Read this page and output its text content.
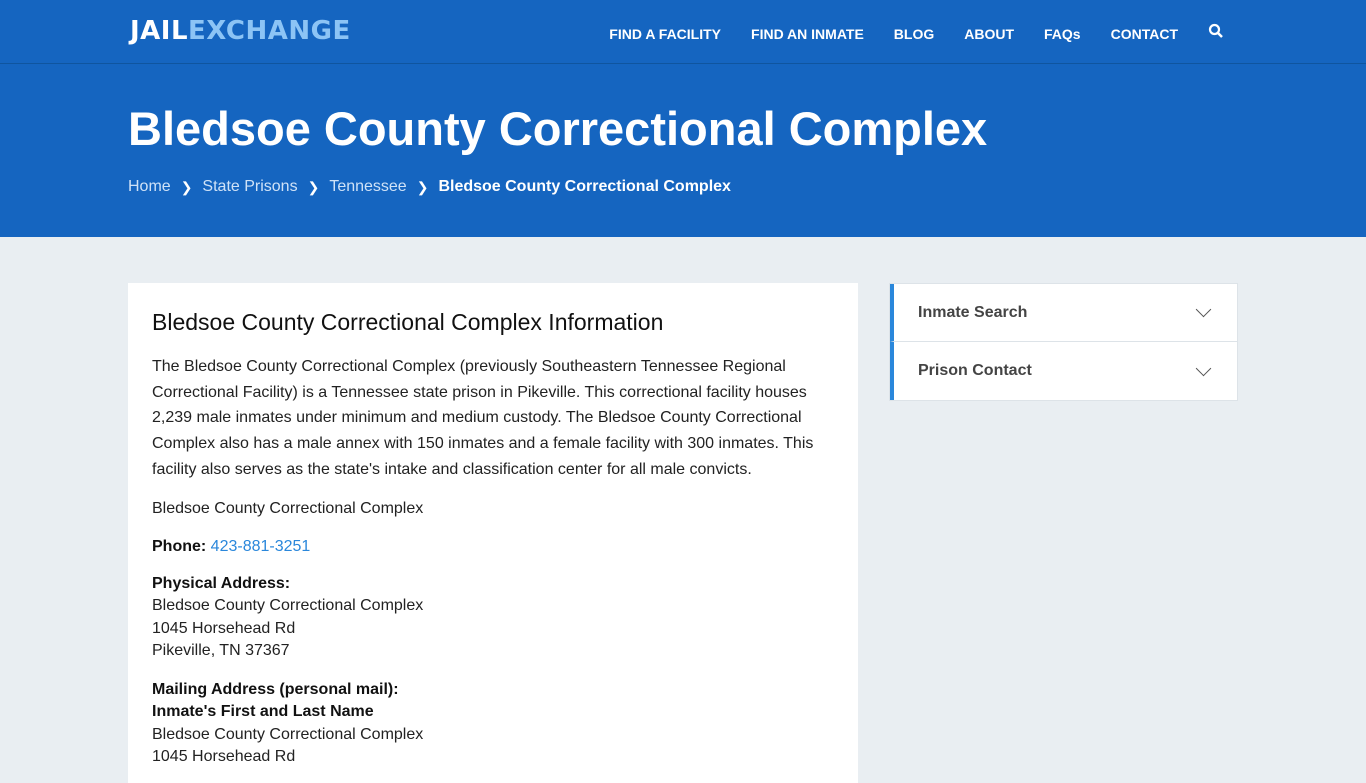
JAILEXCHANGE	FIND A FACILITY FIND AN INMATE BLOG ABOUT FAQs CONTACT
Bledsoe County Correctional Complex
Home ❯ State Prisons ❯ Tennessee ❯ Bledsoe County Correctional Complex
Bledsoe County Correctional Complex Information

The Bledsoe County Correctional Complex (previously Southeastern Tennessee Regional Correctional Facility) is a Tennessee state prison in Pikeville. This correctional facility houses 2,239 male inmates under minimum and medium custody. The Bledsoe County Correctional Complex also has a male annex with 150 inmates and a female facility with 300 inmates. This facility also serves as the state's intake and classification center for all male convicts.

Bledsoe County Correctional Complex

Phone: 423-881-3251

Physical Address:
Bledsoe County Correctional Complex
1045 Horsehead Rd
Pikeville, TN 37367
Mailing Address (personal mail):
Inmate's First and Last Name
Bledsoe County Correctional Complex
1045 Horsehead Rd
Inmate Search
Prison Contact
